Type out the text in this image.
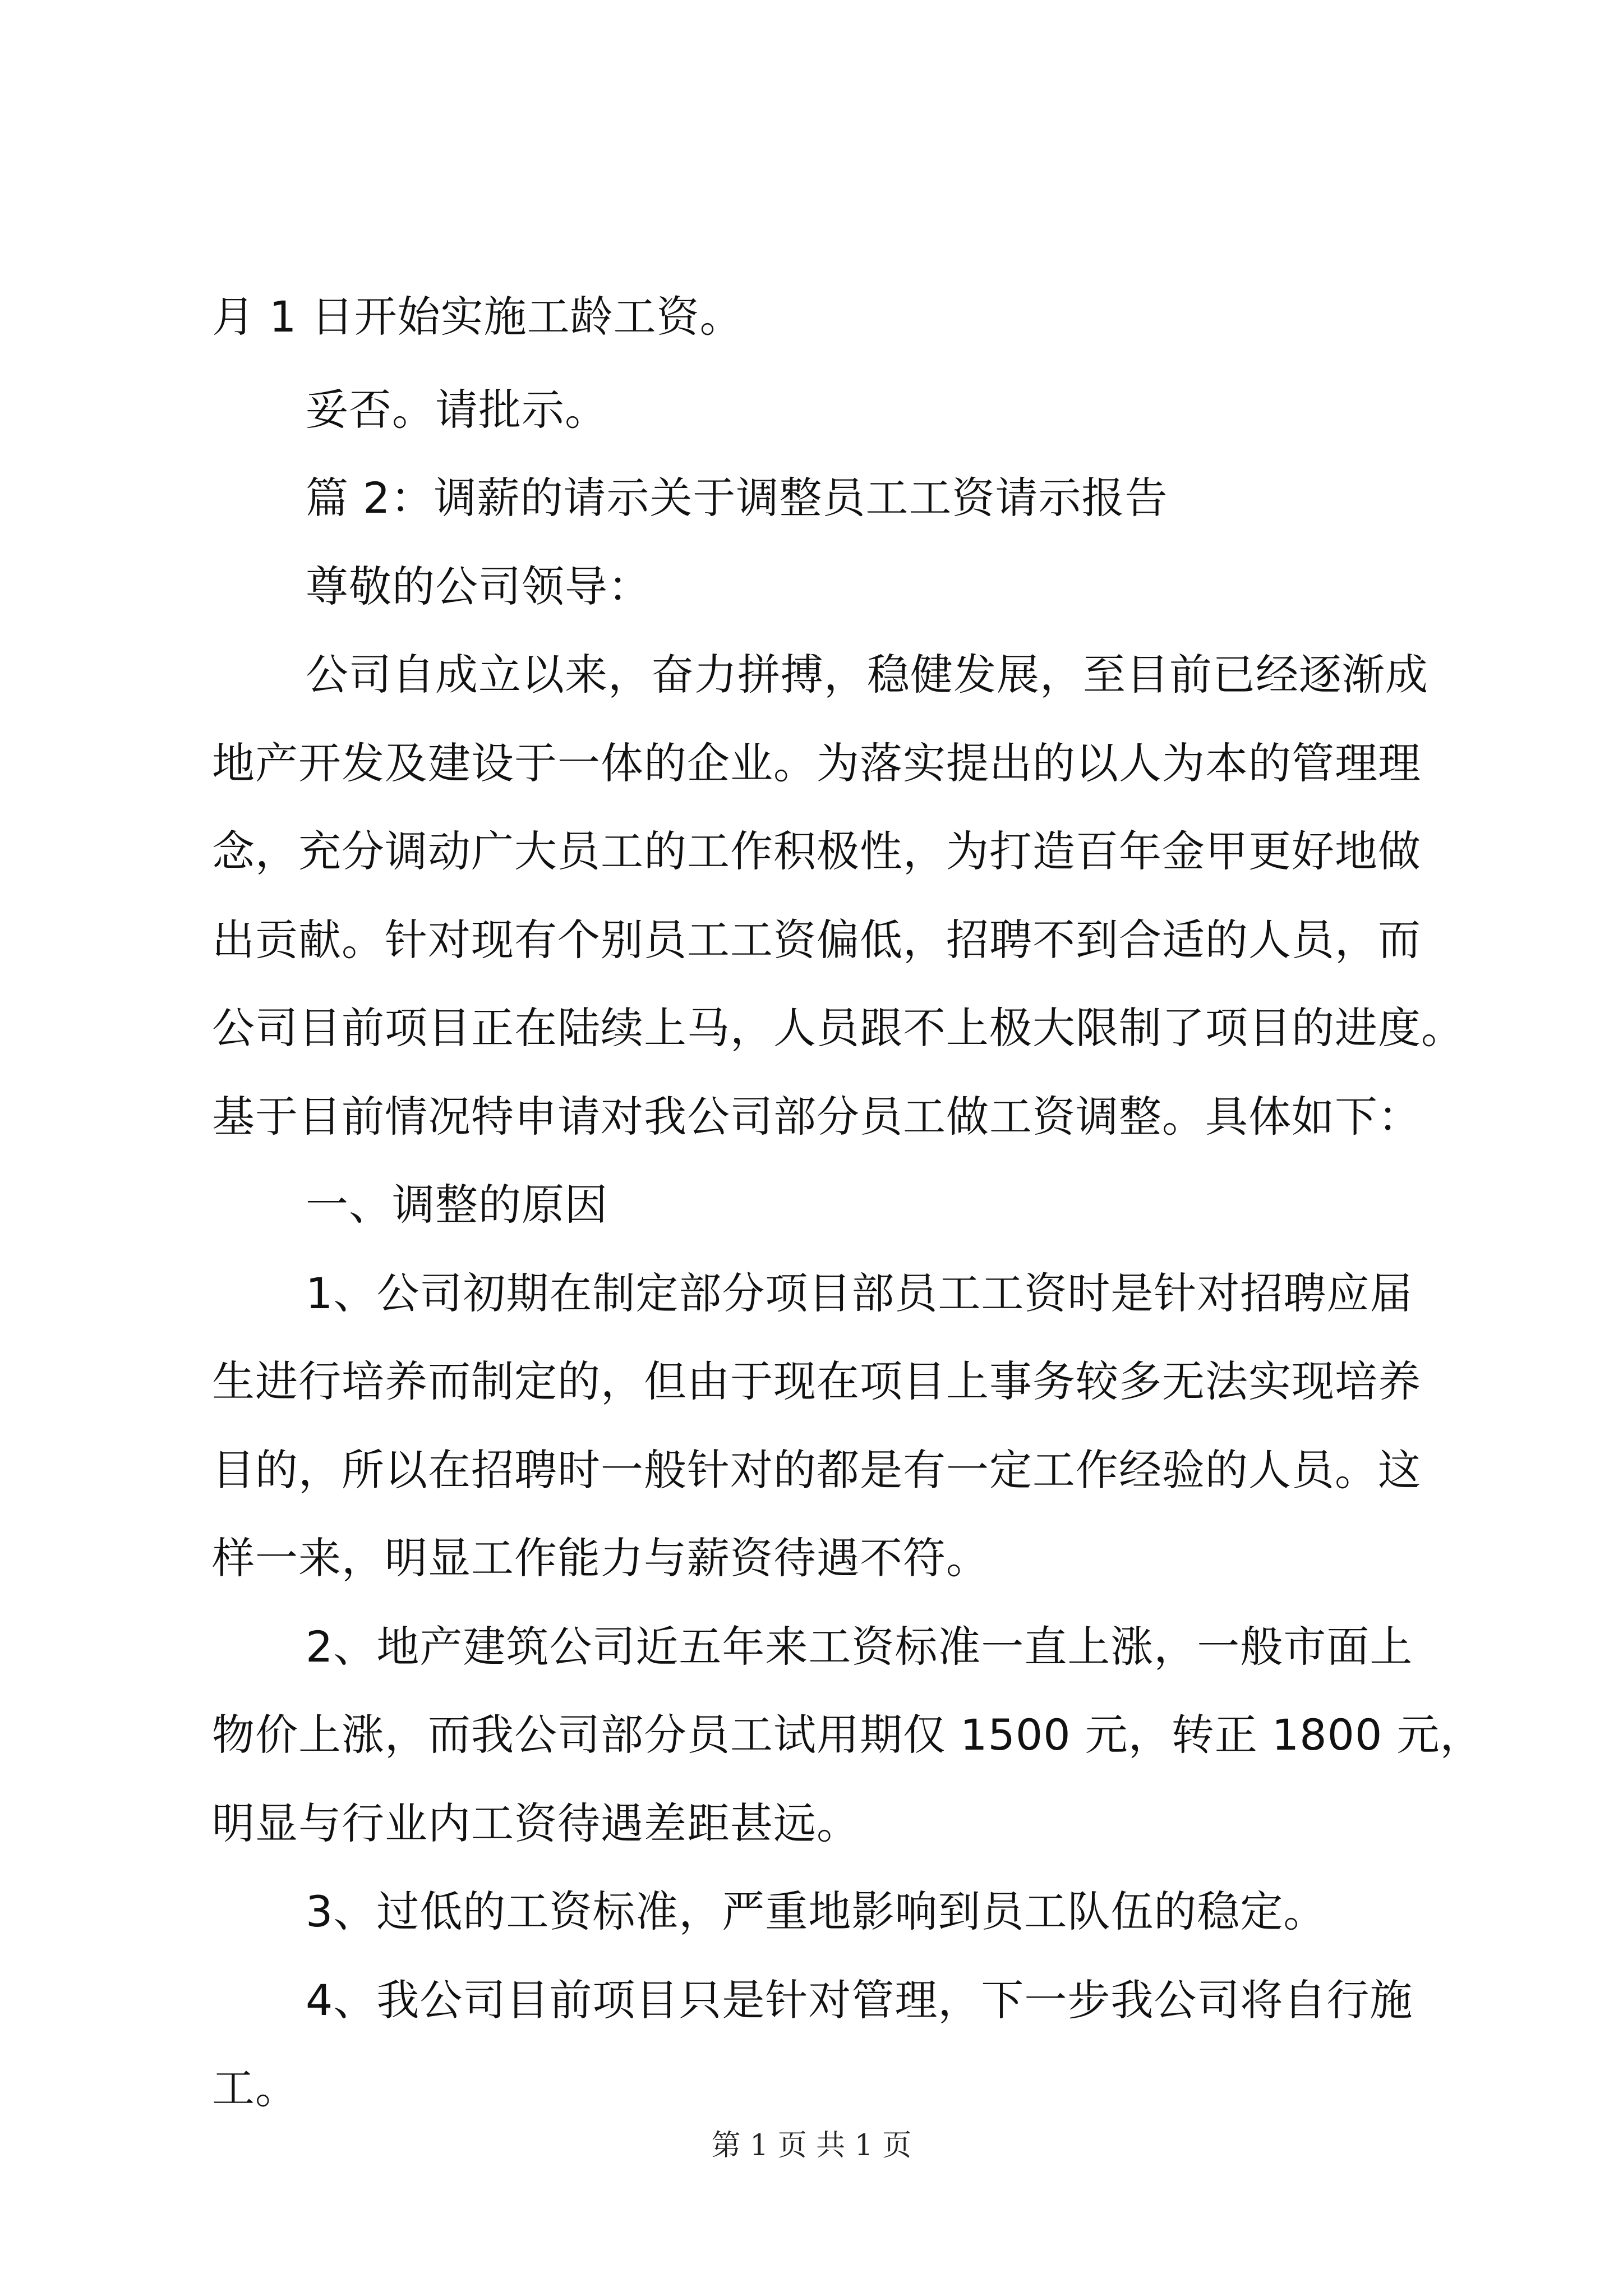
月 1 日开始实施工龄工资。

妥否。请批示。

篇 2：调薪的请示关于调整员工工资请示报告

尊敬的公司领导：

公司自成立以来，奋力拼搏，稳健发展，至目前已经逐渐成

地产开发及建设于一体的企业。为落实提出的以人为本的管理理

念，充分调动广大员工的工作积极性，为打造百年金甲更好地做

出贡献。针对现有个别员工工资偏低，招聘不到合适的人员，而

公司目前项目正在陆续上马，人员跟不上极大限制了项目的进度。

基于目前情况特申请对我公司部分员工做工资调整。具体如下：

一、调整的原因

1、公司初期在制定部分项目部员工工资时是针对招聘应届

生进行培养而制定的，但由于现在项目上事务较多无法实现培养

目的，所以在招聘时一般针对的都是有一定工作经验的人员。这

样一来，明显工作能力与薪资待遇不符。

2、地产建筑公司近五年来工资标准一直上涨，一般市面上

物价上涨，而我公司部分员工试用期仅 1500 元，转正 1800 元，

明显与行业内工资待遇差距甚远。

3、过低的工资标准，严重地影响到员工队伍的稳定。

4、我公司目前项目只是针对管理，下一步我公司将自行施

工。

第 1 页 共 1 页
